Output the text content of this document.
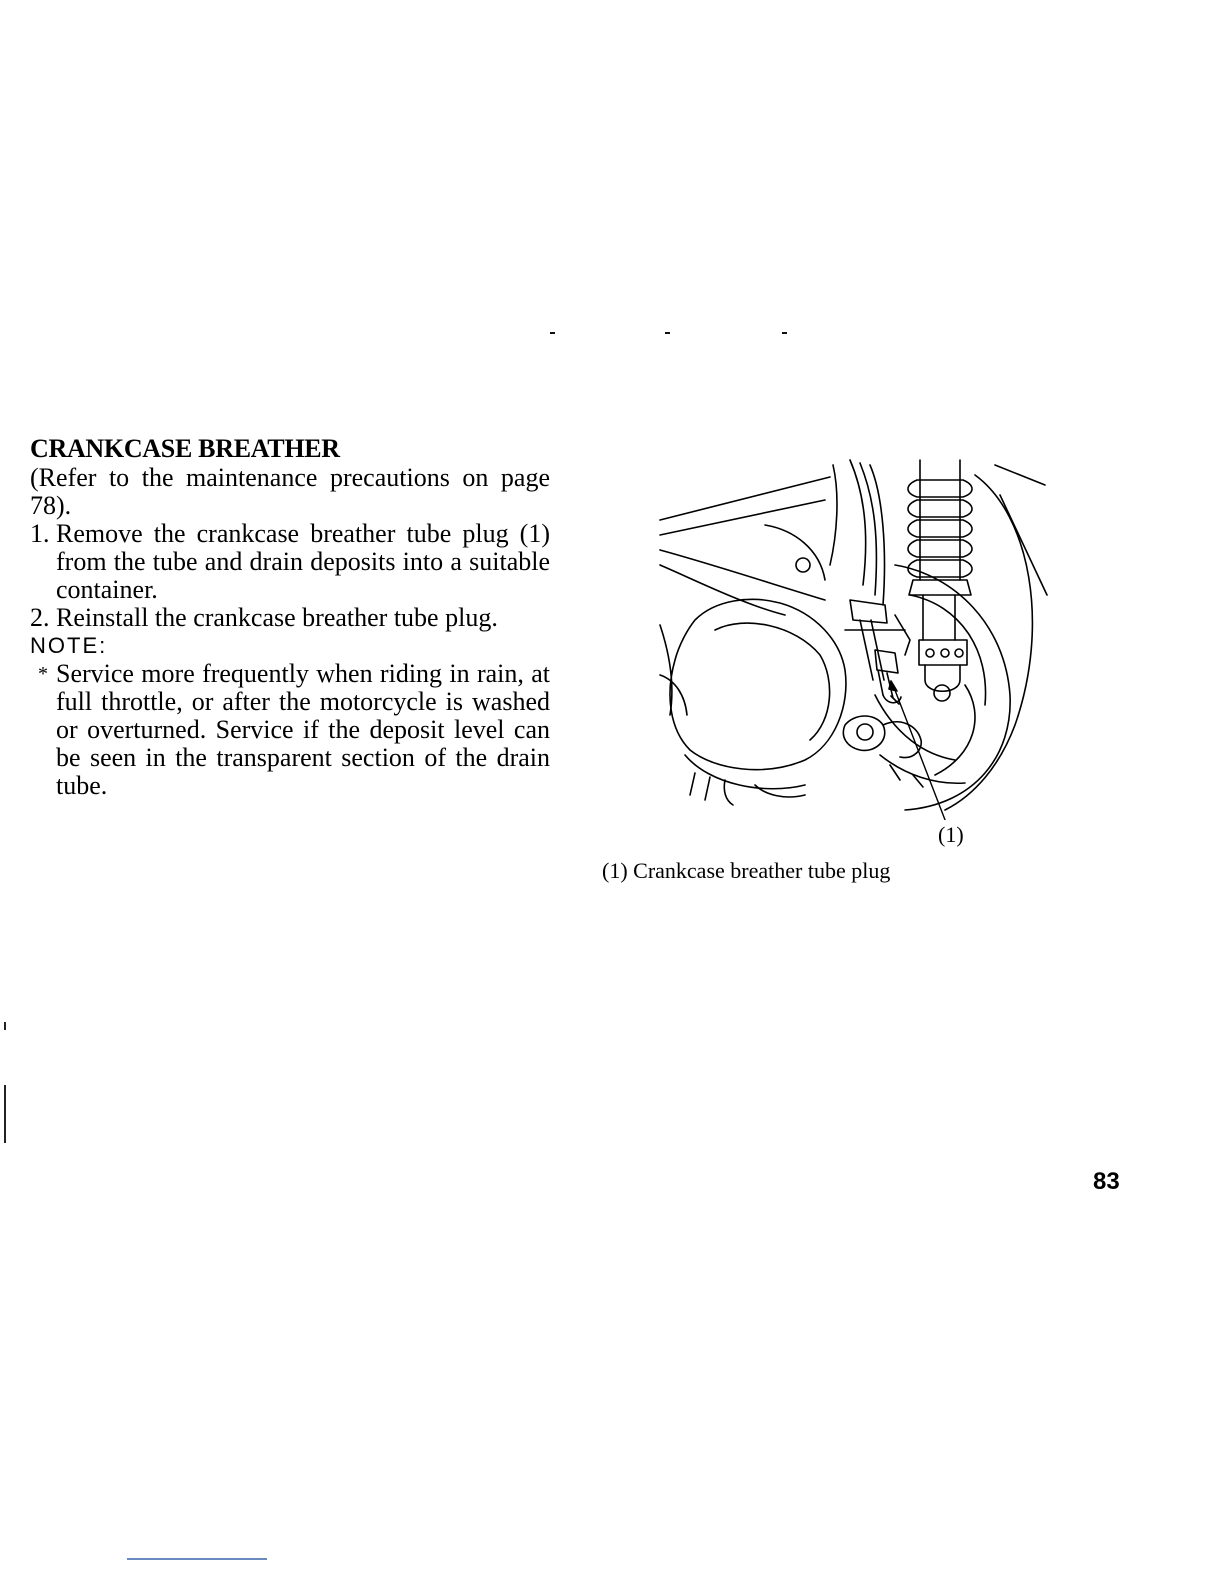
CRANKCASE BREATHER

(Refer to the maintenance precautions on page 78).

1. Remove the crankcase breather tube plug (1) from the tube and drain deposits into a suitable container.
2. Reinstall the crankcase breather tube plug.
NOTE:
* Service more frequently when riding in rain, at full throttle, or after the motorcycle is washed or overturned. Service if the deposit level can be seen in the transparent section of the drain tube.
(1)
(1) Crankcase breather tube plug
83
